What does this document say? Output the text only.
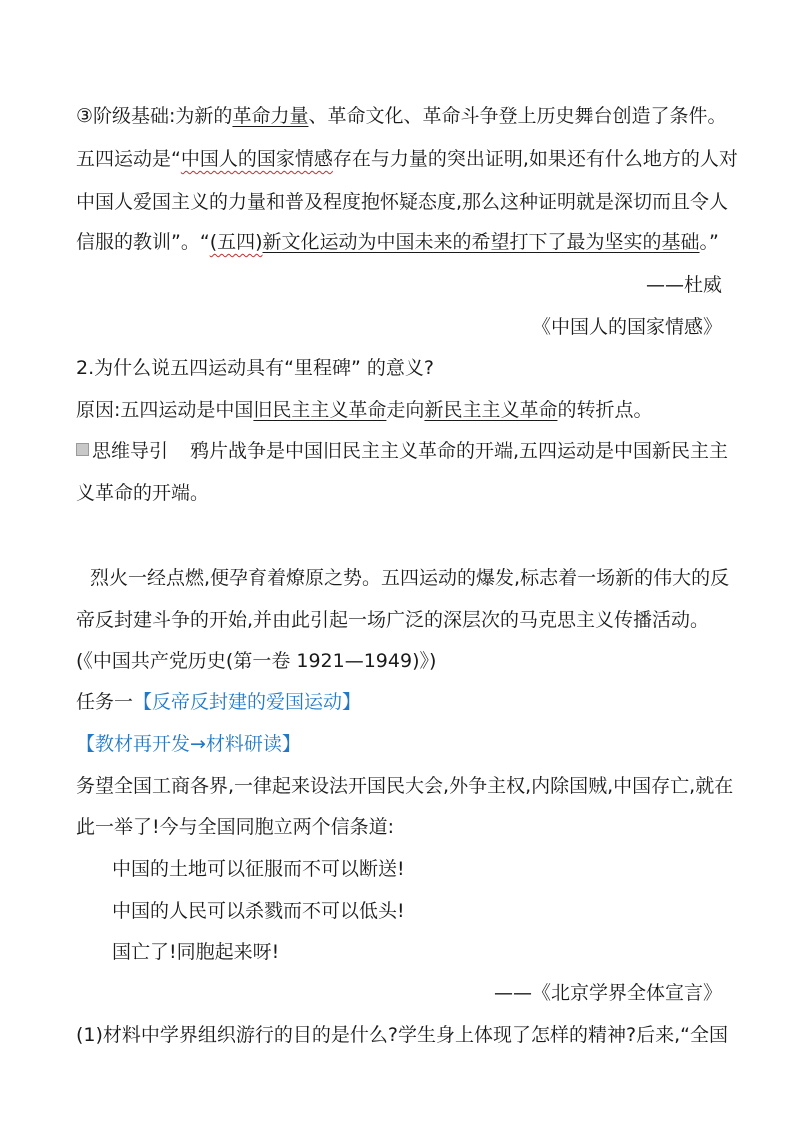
③阶级基础:为新的革命力量、革命文化、革命斗争登上历史舞台创造了条件。
五四运动是“中国人的国家情感存在与力量的突出证明,如果还有什么地方的人对
中国人爱国主义的力量和普及程度抱怀疑态度,那么这种证明就是深切而且令人
信服的教训”。“(五四)新文化运动为中国未来的希望打下了最为坚实的基础。”
——杜威
《中国人的国家情感》
2.为什么说五四运动具有“里程碑” 的意义?
原因:五四运动是中国旧民主主义革命走向新民主主义革命的转折点。
思维导引 鸦片战争是中国旧民主主义革命的开端,五四运动是中国新民主主
义革命的开端。
烈火一经点燃,便孕育着燎原之势。五四运动的爆发,标志着一场新的伟大的反
帝反封建斗争的开始,并由此引起一场广泛的深层次的马克思主义传播活动。
(《中国共产党历史(第一卷 1921—1949)》)
任务一【反帝反封建的爱国运动】
【教材再开发→材料研读】
务望全国工商各界,一律起来设法开国民大会,外争主权,内除国贼,中国存亡,就在
此一举了!今与全国同胞立两个信条道:
中国的土地可以征服而不可以断送!
中国的人民可以杀戮而不可以低头!
国亡了!同胞起来呀!
——《北京学界全体宣言》
(1)材料中学界组织游行的目的是什么?学生身上体现了怎样的精神?后来,“全国
